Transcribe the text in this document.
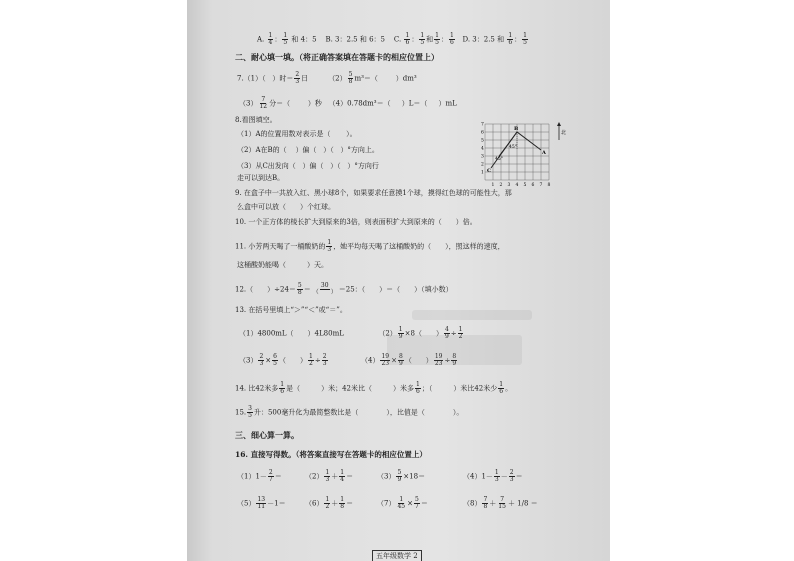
A. $\frac{1}{4}$ ： $\frac{1}{5}$ 和 4：5 B. 3：2.5 和 6：5 C. $\frac{1}{6}$ ： $\frac{1}{5}$ 和 $\frac{1}{5}$ ： $\frac{1}{6} D$. 3：2.5 和 $\frac{1}{6}$ ： $\frac{1}{5}$
二、耐心填一填。（将正确答案填在答题卡的相应位置上）
7.（1）（ ）时＝ $\frac{2}{3}$ 日	$(2) \frac{5}{8} m^3=$（	）dm³
$(3) \frac{7}{12}$ 分＝（	）秒 （4）0.78dm³＝（ ）L＝（ ）mL
8.看图填空。
（1）A的位置用数对表示是（ ）。
（2）A在B的（ ）偏（ ）（ ）°方向上。
（3）从C出发向（ ）偏（ ）（ ）°方向行
走可以到达B。
45°
45°
B
A
C
1 2 3 4 5 6 7 8
1
2
3
4
5
6
7
北
9. 在盒子中一共放入红、黑小球8个，如果要求任意摸1个球，摸得红色球的可能性大，那
么盒中可以放（　　）个红球。
10. 一个正方体的棱长扩大到原来的3倍，则表面积扩大到原来的（　　）倍。
11. 小芳两天喝了一桶酸奶的 $\frac{1}{3}$ ，她平均每天喝了这桶酸奶的（　　），照这样的速度，
这桶酸奶能喝（　　　）天。
12.（　　）$\div 24= \frac{5}{8} = \frac{30}{( )} =25$：（　　）＝（　　）（填小数）
13. 在括号里填上“＞”“＜”或“＝”。
（1）4800mL（　　）4L80mL	$(2) \frac{1}{9} \times 8$（　　） $\frac{4}{9} \div \frac{1}{2}$
$(3) \frac{2}{3} \times \frac{6}{5}$ （　　） $\frac{1}{2} \div \frac{2}{3}$	$(4) \frac{19}{23} \times \frac{8}{9}$ （　　） $\frac{19}{23} \div \frac{8}{9}$
14. 比42米多 $\frac{1}{6}$ 是（　　　）米；42米比（　　　）米多 $\frac{1}{6}$ ；（　　　）米比42米少 $\frac{1}{6}$ 。
15. $\frac{3}{5}$ 升：500毫升化为最简整数比是（　　　　），比值是（　　　　）。
三、细心算一算。
16. 直接写得数。（将答案直接写在答题卡的相应位置上）
$(1)1- \frac{2}{7}$ ＝	$(2) \frac{1}{3} + \frac{1}{4}$ ＝	$(3) \frac{5}{9} \times 18=$	$(4)1- \frac{1}{3} - \frac{2}{3}$ ＝
$(5) \frac{13}{11} -1=$	$(6) \frac{1}{2} + \frac{1}{8}$ ＝	$(7) \frac{1}{45} \times \frac{5}{7}$ ＝	$(8) \frac{7}{8} + \frac{7}{15} + 1/8$ ＝
五年级数学 2
